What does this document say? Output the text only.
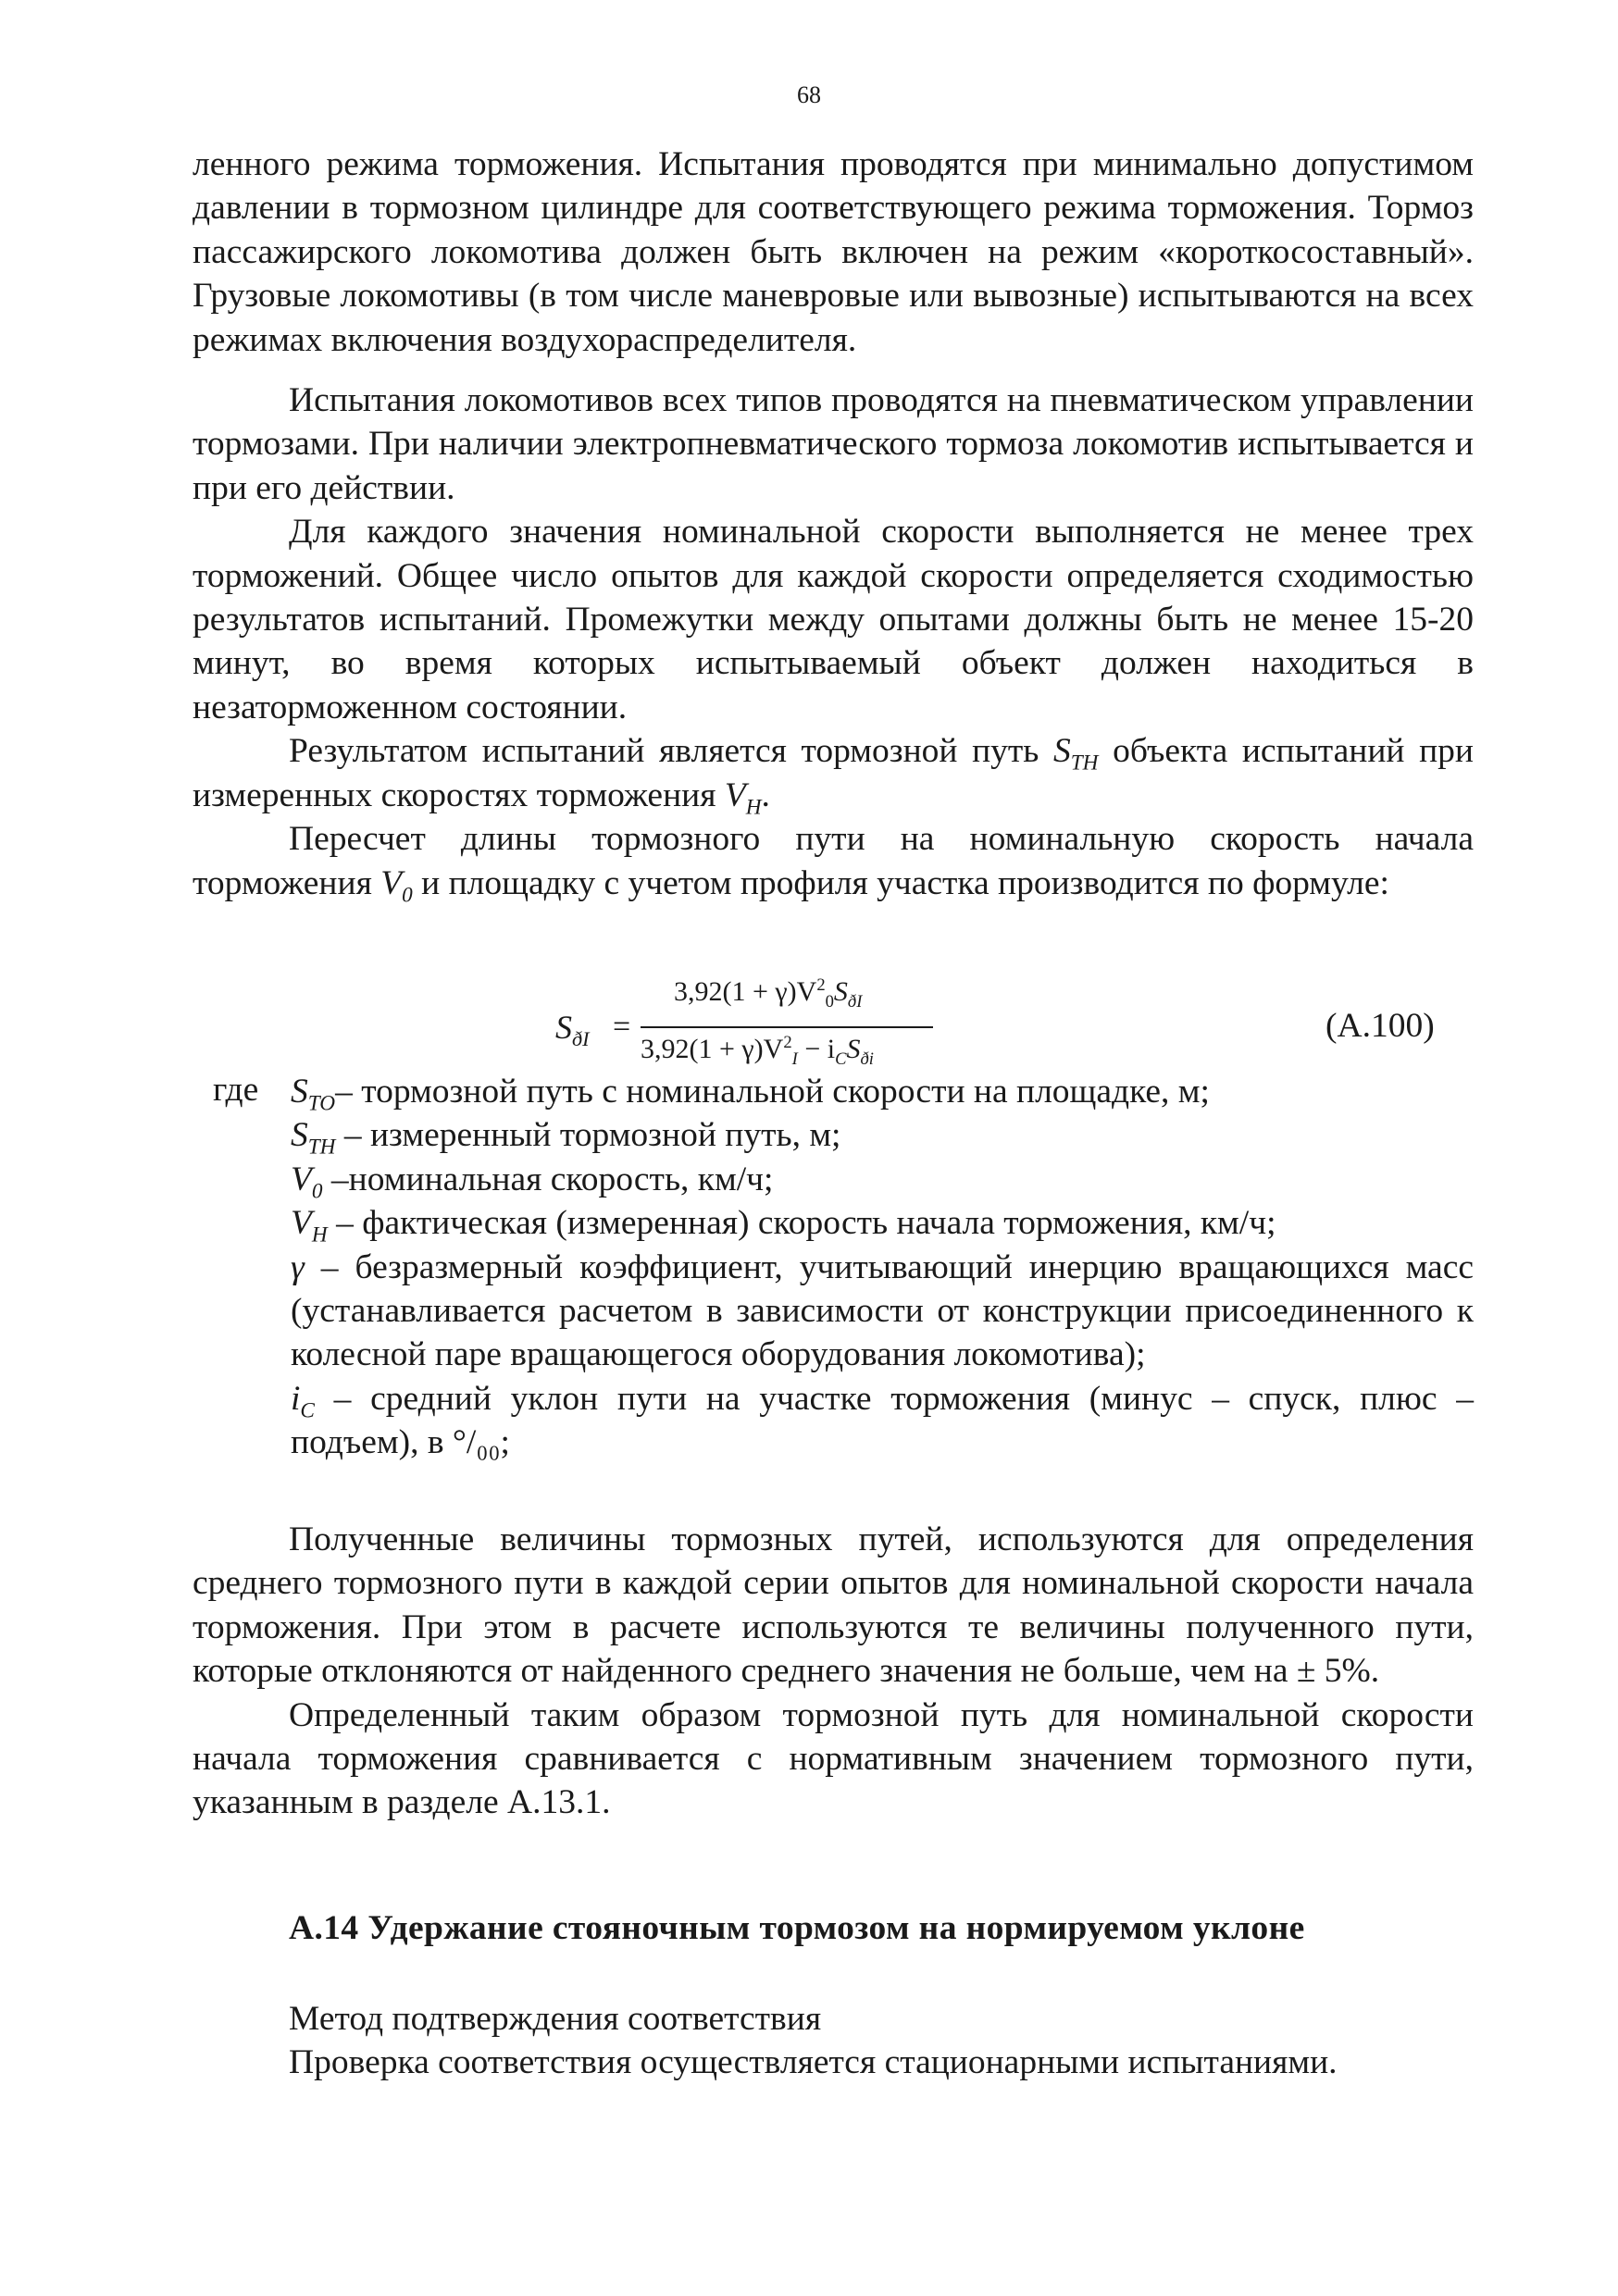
68

ленного режима торможения. Испытания проводятся при минимально допустимом давлении в тормозном цилиндре для соответствующего режима торможения. Тормоз пассажирского локомотива должен быть включен на режим «короткосоставный». Грузовые локомотивы (в том числе маневровые или вывозные) испытываются на всех режимах включения воздухораспределителя.

Испытания локомотивов всех типов проводятся на пневматическом управлении тормозами. При наличии электропневматического тормоза локомотив испытывается и при его действии.

Для каждого значения номинальной скорости выполняется не менее трех торможений. Общее число опытов для каждой скорости определяется сходимостью результатов испытаний. Промежутки между опытами должны быть не менее 15-20 минут, во время которых испытываемый объект должен находиться в незаторможенном состоянии.

Результатом испытаний является тормозной путь $S_{TH}$ объекта испытаний при измеренных скоростях торможения $V_H$.

Пересчет длины тормозного пути на номинальную скорость начала торможения $V_0$ и площадку с учетом профиля участка производится по формуле:

$S_{ðI}$ =
$3,92(1 + \gamma)V^2_0S_{ðI}$
$3,92(1 + \gamma)V^2_I - i_CS_{ði}$
(А.100)
где $S_{TO}-$ тормозной путь с номинальной скорости на площадке, м;

$S_{TH}$ – измеренный тормозной путь, м;

$V_0$ –номинальная скорость, км/ч;

$V_H$ – фактическая (измеренная) скорость начала торможения, км/ч;

γ – безразмерный коэффициент, учитывающий инерцию вращающихся масс (устанавливается расчетом в зависимости от конструкции присоединенного к колесной паре вращающегося оборудования локомотива);

$i_C$ – средний уклон пути на участке торможения (минус – спуск, плюс – подъем), в °/₀₀;

Полученные величины тормозных путей, используются для определения среднего тормозного пути в каждой серии опытов для номинальной скорости начала торможения. При этом в расчете используются те величины полученного пути, которые отклоняются от найденного среднего значения не больше, чем на ± 5%.

Определенный таким образом тормозной путь для номинальной скорости начала торможения сравнивается с нормативным значением тормозного пути, указанным в разделе А.13.1.

А.14 Удержание стояночным тормозом на нормируемом уклоне
Метод подтверждения соответствия
Проверка соответствия осуществляется стационарными испытаниями.
